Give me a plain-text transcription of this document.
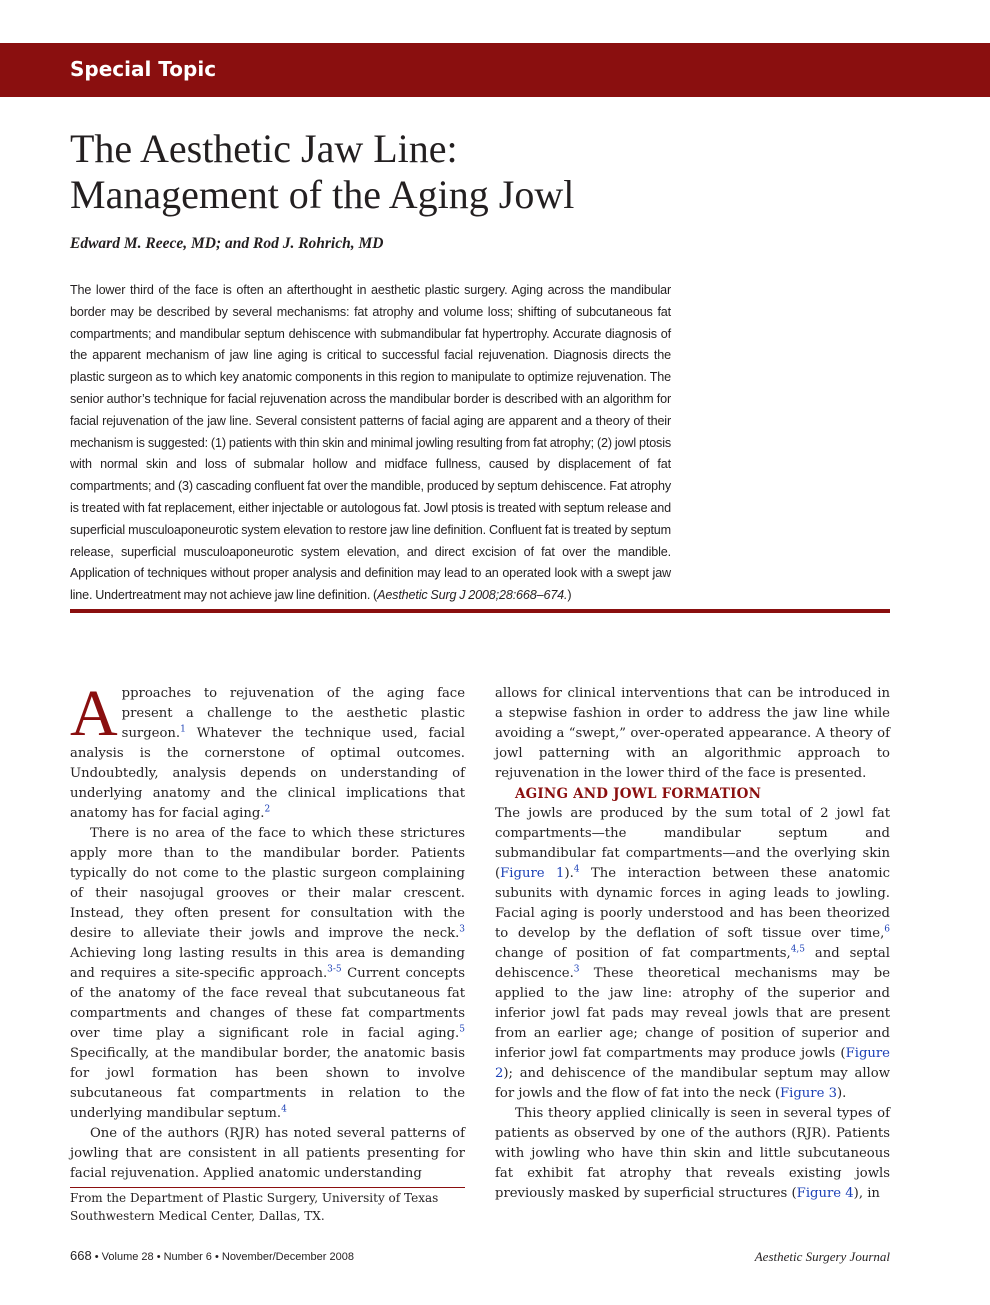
Special Topic
The Aesthetic Jaw Line:
Management of the Aging Jowl
Edward M. Reece, MD; and Rod J. Rohrich, MD
The lower third of the face is often an afterthought in aesthetic plastic surgery. Aging across the mandibular border may be described by several mechanisms: fat atrophy and volume loss; shifting of subcutaneous fat compartments; and mandibular septum dehiscence with submandibular fat hypertrophy. Accurate diagnosis of the apparent mechanism of jaw line aging is critical to successful facial rejuvenation. Diagnosis directs the plastic surgeon as to which key anatomic components in this region to manipulate to optimize rejuvenation. The senior author’s technique for facial rejuvenation across the mandibular border is described with an algorithm for facial rejuvenation of the jaw line. Several consistent patterns of facial aging are apparent and a theory of their mechanism is suggested: (1) patients with thin skin and minimal jowling resulting from fat atrophy; (2) jowl ptosis with normal skin and loss of submalar hollow and midface fullness, caused by displacement of fat compartments; and (3) cascading confluent fat over the mandible, produced by septum dehiscence. Fat atrophy is treated with fat replacement, either injectable or autologous fat. Jowl ptosis is treated with septum release and superficial musculoaponeurotic system elevation to restore jaw line definition. Confluent fat is treated by septum release, superficial musculoaponeurotic system elevation, and direct excision of fat over the mandible. Application of techniques without proper analysis and definition may lead to an operated look with a swept jaw line. Undertreatment may not achieve jaw line definition. (Aesthetic Surg J 2008;28:668–674.)

Approaches to rejuvenation of the aging face present a challenge to the aesthetic plastic surgeon.$^1$ Whatever the technique used, facial analysis is the cornerstone of optimal outcomes. Undoubtedly, analysis depends on understanding of underlying anatomy and the clinical implications that anatomy has for facial aging.$^2$

There is no area of the face to which these strictures apply more than to the mandibular border. Patients typically do not come to the plastic surgeon complaining of their nasojugal grooves or their malar crescent. Instead, they often present for consultation with the desire to alleviate their jowls and improve the neck.$^3$ Achieving long lasting results in this area is demanding and requires a site-specific approach.$^{3-5}$ Current concepts of the anatomy of the face reveal that subcutaneous fat compartments and changes of these fat compartments over time play a significant role in facial aging.$^5$ Specifically, at the mandibular border, the anatomic basis for jowl formation has been shown to involve subcutaneous fat compartments in relation to the underlying mandibular septum.$^4$

One of the authors (RJR) has noted several patterns of jowling that are consistent in all patients presenting for facial rejuvenation. Applied anatomic understanding

allows for clinical interventions that can be introduced in a stepwise fashion in order to address the jaw line while avoiding a “swept,” over-operated appearance. A theory of jowl patterning with an algorithmic approach to rejuvenation in the lower third of the face is presented.

AGING AND JOWL FORMATION

The jowls are produced by the sum total of 2 jowl fat compartments—the mandibular septum and submandibular fat compartments—and the overlying skin (Figure 1).$^4$ The interaction between these anatomic subunits with dynamic forces in aging leads to jowling. Facial aging is poorly understood and has been theorized to develop by the deflation of soft tissue over time,$^6$ change of position of fat compartments,$^{4,5}$ and septal dehiscence.$^3$ These theoretical mechanisms may be applied to the jaw line: atrophy of the superior and inferior jowl fat pads may reveal jowls that are present from an earlier age; change of position of superior and inferior jowl fat compartments may produce jowls (Figure 2); and dehiscence of the mandibular septum may allow for jowls and the flow of fat into the neck (Figure 3).

This theory applied clinically is seen in several types of patients as observed by one of the authors (RJR). Patients with jowling who have thin skin and little subcutaneous fat exhibit fat atrophy that reveals existing jowls previously masked by superficial structures (Figure 4), in

From the Department of Plastic Surgery, University of Texas
Southwestern Medical Center, Dallas, TX.
668 • Volume 28 • Number 6 • November/December 2008	Aesthetic Surgery Journal
